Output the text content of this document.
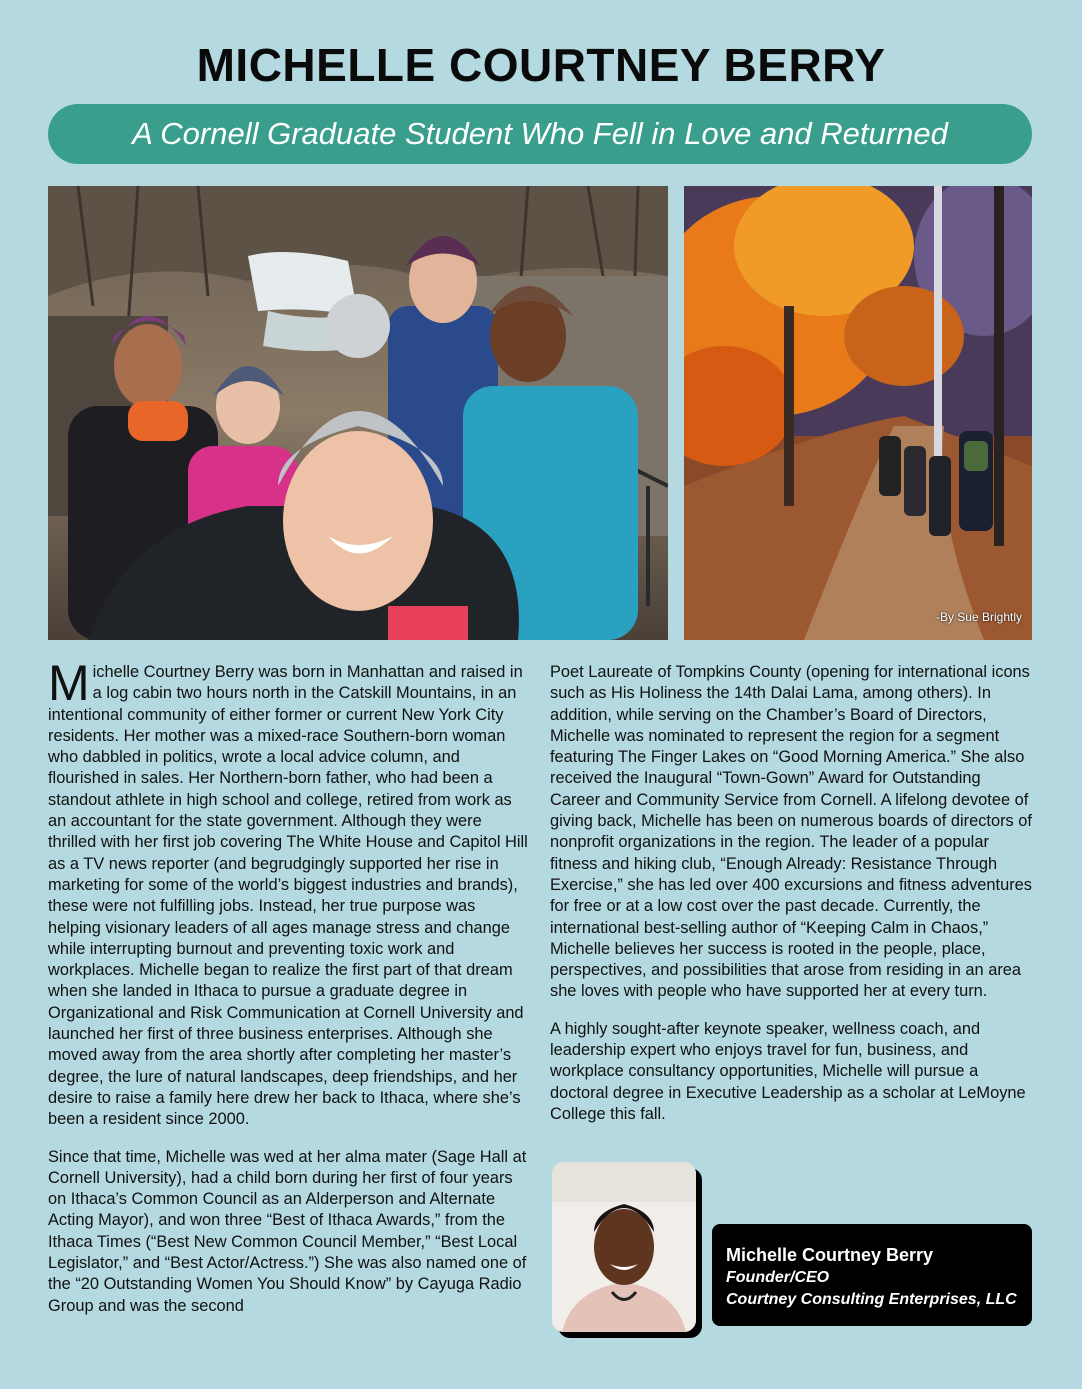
MICHELLE COURTNEY BERRY
A Cornell Graduate Student Who Fell in Love and Returned
-By Sue Brightly

Michelle Courtney Berry was born in Manhattan and raised in a log cabin two hours north in the Catskill Mountains, in an intentional community of either former or current New York City residents. Her mother was a mixed-race Southern-born woman who dabbled in politics, wrote a local advice column, and flourished in sales. Her Northern-born father, who had been a standout athlete in high school and college, retired from work as an accountant for the state government. Although they were thrilled with her first job covering The White House and Capitol Hill as a TV news reporter (and begrudgingly supported her rise in marketing for some of the world’s biggest industries and brands), these were not fulfilling jobs. Instead, her true purpose was helping visionary leaders of all ages manage stress and change while interrupting burnout and preventing toxic work and workplaces. Michelle began to realize the first part of that dream when she landed in Ithaca to pursue a graduate degree in Organizational and Risk Communication at Cornell University and launched her first of three business enterprises. Although she moved away from the area shortly after completing her master’s degree, the lure of natural landscapes, deep friendships, and her desire to raise a family here drew her back to Ithaca, where she’s been a resident since 2000.

Since that time, Michelle was wed at her alma mater (Sage Hall at Cornell University), had a child born during her first of four years on Ithaca’s Common Council as an Alderperson and Alternate Acting Mayor), and won three “Best of Ithaca Awards,” from the Ithaca Times (“Best New Common Council Member,” “Best Local Legislator,” and “Best Actor/Actress.”) She was also named one of the “20 Outstanding Women You Should Know” by Cayuga Radio Group and was the second

Poet Laureate of Tompkins County (opening for international icons such as His Holiness the 14th Dalai Lama, among others). In addition, while serving on the Chamber’s Board of Directors, Michelle was nominated to represent the region for a segment featuring The Finger Lakes on “Good Morning America.” She also received the Inaugural “Town-Gown” Award for Outstanding Career and Community Service from Cornell. A lifelong devotee of giving back, Michelle has been on numerous boards of directors of nonprofit organizations in the region. The leader of a popular fitness and hiking club, “Enough Already: Resistance Through Exercise,” she has led over 400 excursions and fitness adventures for free or at a low cost over the past decade. Currently, the international best-selling author of “Keeping Calm in Chaos,” Michelle believes her success is rooted in the people, place, perspectives, and possibilities that arose from residing in an area she loves with people who have supported her at every turn.

A highly sought-after keynote speaker, wellness coach, and leadership expert who enjoys travel for fun, business, and workplace consultancy opportunities, Michelle will pursue a doctoral degree in Executive Leadership as a scholar at LeMoyne College this fall.

Michelle Courtney Berry
Founder/CEO
Courtney Consulting Enterprises, LLC
